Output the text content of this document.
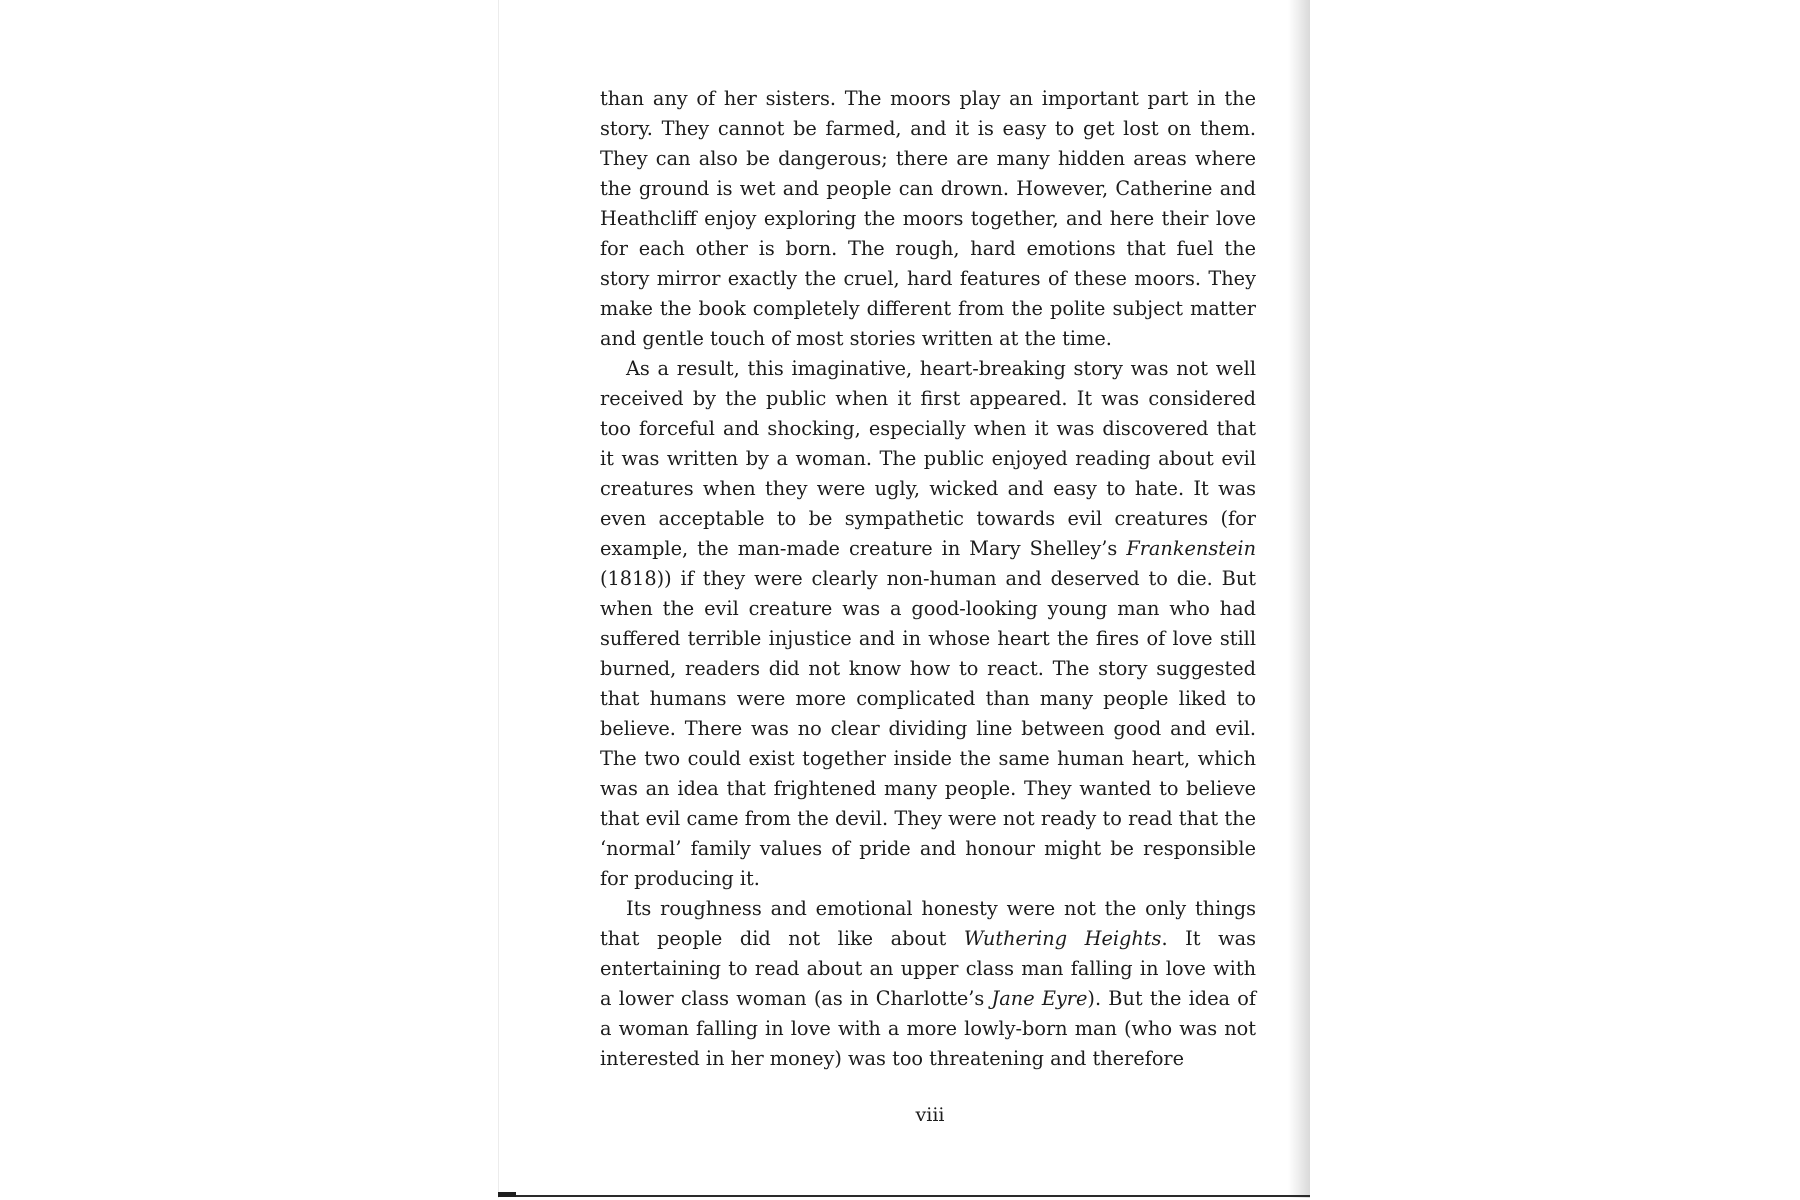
than any of her sisters. The moors play an important part in the story. They cannot be farmed, and it is easy to get lost on them. They can also be dangerous; there are many hidden areas where the ground is wet and people can drown. However, Catherine and Heathcliff enjoy exploring the moors together, and here their love for each other is born. The rough, hard emotions that fuel the story mirror exactly the cruel, hard features of these moors. They make the book completely different from the polite subject matter and gentle touch of most stories written at the time.

As a result, this imaginative, heart-breaking story was not well received by the public when it first appeared. It was considered too forceful and shocking, especially when it was discovered that it was written by a woman. The public enjoyed reading about evil creatures when they were ugly, wicked and easy to hate. It was even acceptable to be sympathetic towards evil creatures (for example, the man-made creature in Mary Shelley’s Frankenstein (1818)) if they were clearly non-human and deserved to die. But when the evil creature was a good-looking young man who had suffered terrible injustice and in whose heart the fires of love still burned, readers did not know how to react. The story suggested that humans were more complicated than many people liked to believe. There was no clear dividing line between good and evil. The two could exist together inside the same human heart, which was an idea that frightened many people. They wanted to believe that evil came from the devil. They were not ready to read that the ‘normal’ family values of pride and honour might be responsible for producing it.

Its roughness and emotional honesty were not the only things that people did not like about Wuthering Heights. It was entertaining to read about an upper class man falling in love with a lower class woman (as in Charlotte’s Jane Eyre). But the idea of a woman falling in love with a more lowly-born man (who was not interested in her money) was too threatening and therefore

viii
